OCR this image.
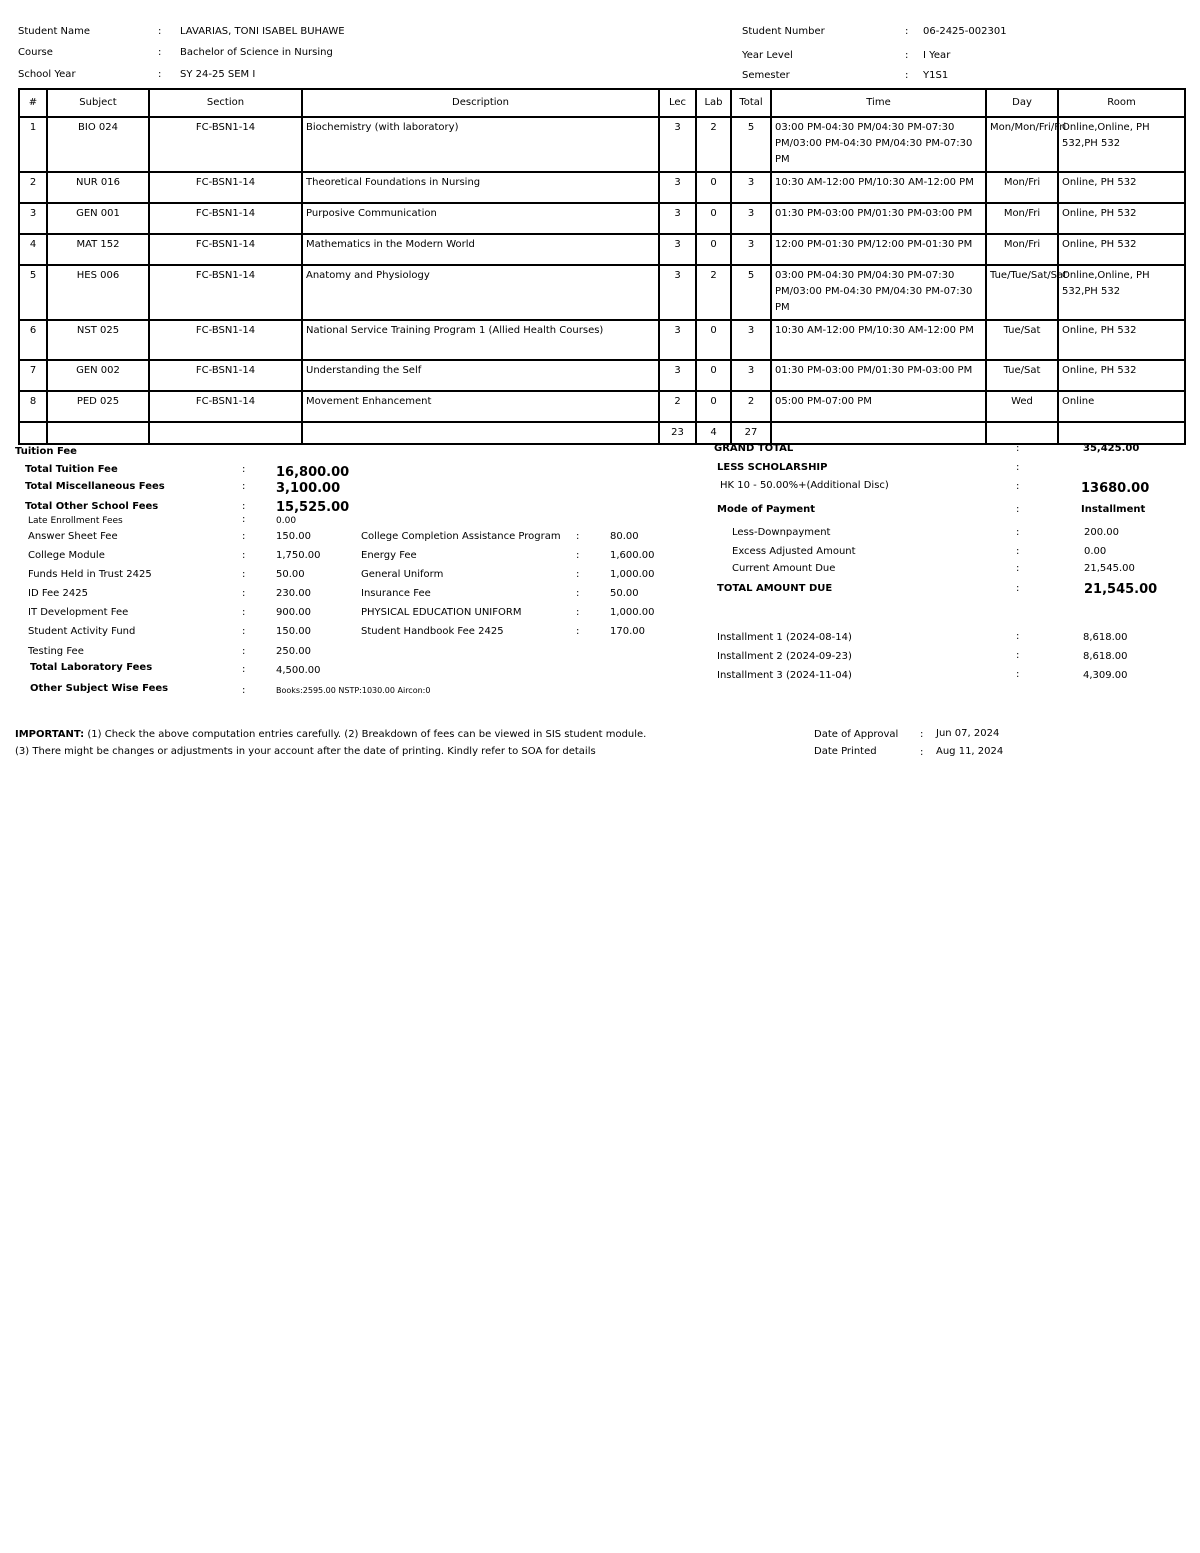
Student Name	: LAVARIAS, TONI ISABEL BUHAWE
Course	: Bachelor of Science in Nursing
School Year	: SY 24-25 SEM I
Student Number	: 06-2425-002301
Year Level	: I Year
Semester	: Y1S1
#	Subject	Section	Description	Lec	Lab	Total	Time	Day	Room
1	BIO 024	FC-BSN1-14	Biochemistry (with laboratory)	3	2	5	03:00 PM-04:30 PM/04:30 PM-07:30 PM/03:00 PM-04:30 PM/04:30 PM-07:30 PM	Mon/Mon/Fri/Fri	Online,Online, PH 532,PH 532
2	NUR 016	FC-BSN1-14	Theoretical Foundations in Nursing	3	0	3	10:30 AM-12:00 PM/10:30 AM-12:00 PM	Mon/Fri	Online, PH 532
3	GEN 001	FC-BSN1-14	Purposive Communication	3	0	3	01:30 PM-03:00 PM/01:30 PM-03:00 PM	Mon/Fri	Online, PH 532
4	MAT 152	FC-BSN1-14	Mathematics in the Modern World	3	0	3	12:00 PM-01:30 PM/12:00 PM-01:30 PM	Mon/Fri	Online, PH 532
5	HES 006	FC-BSN1-14	Anatomy and Physiology	3	2	5	03:00 PM-04:30 PM/04:30 PM-07:30 PM/03:00 PM-04:30 PM/04:30 PM-07:30 PM	Tue/Tue/Sat/Sat	Online,Online, PH 532,PH 532
6	NST 025	FC-BSN1-14	National Service Training Program 1 (Allied Health Courses)	3	0	3	10:30 AM-12:00 PM/10:30 AM-12:00 PM	Tue/Sat	Online, PH 532
7	GEN 002	FC-BSN1-14	Understanding the Self	3	0	3	01:30 PM-03:00 PM/01:30 PM-03:00 PM	Tue/Sat	Online, PH 532
8	PED 025	FC-BSN1-14	Movement Enhancement	2	0	2	05:00 PM-07:00 PM	Wed	Online
				23	4	27			
Tuition Fee
Total Tuition Fee	: 16,800.00
Total Miscellaneous Fees	: 3,100.00
Total Other School Fees	: 15,525.00
Late Enrollment Fees	:	0.00
Answer Sheet Fee	:	150.00
College Module	:	1,750.00
Funds Held in Trust 2425	:	50.00
ID Fee 2425	:	230.00
IT Development Fee	:	900.00
Student Activity Fund	:	150.00
Testing Fee	:	250.00
College Completion Assistance Program :	80.00
Energy Fee	:	1,600.00
General Uniform	:	1,000.00
Insurance Fee	:	50.00
PHYSICAL EDUCATION UNIFORM	:	1,000.00
Student Handbook Fee 2425	:	170.00
Total Laboratory Fees	:	4,500.00
Other Subject Wise Fees	:	Books:2595.00 NSTP:1030.00 Aircon:0
GRAND TOTAL	:	35,425.00
LESS SCHOLARSHIP	:
HK 10 - 50.00%+(Additional Disc)	:	13680.00
Mode of Payment	:	Installment
Less-Downpayment	:	200.00
Excess Adjusted Amount	:	0.00
Current Amount Due	:	21,545.00
TOTAL AMOUNT DUE	:	21,545.00
Installment 1 (2024-08-14)	:	8,618.00
Installment 2 (2024-09-23)	:	8,618.00
Installment 3 (2024-11-04)	:	4,309.00
IMPORTANT: (1) Check the above computation entries carefully. (2) Breakdown of fees can be viewed in SIS student module.
(3) There might be changes or adjustments in your account after the date of printing. Kindly refer to SOA for details
Date of Approval : Jun 07, 2024
Date Printed	: Aug 11, 2024
